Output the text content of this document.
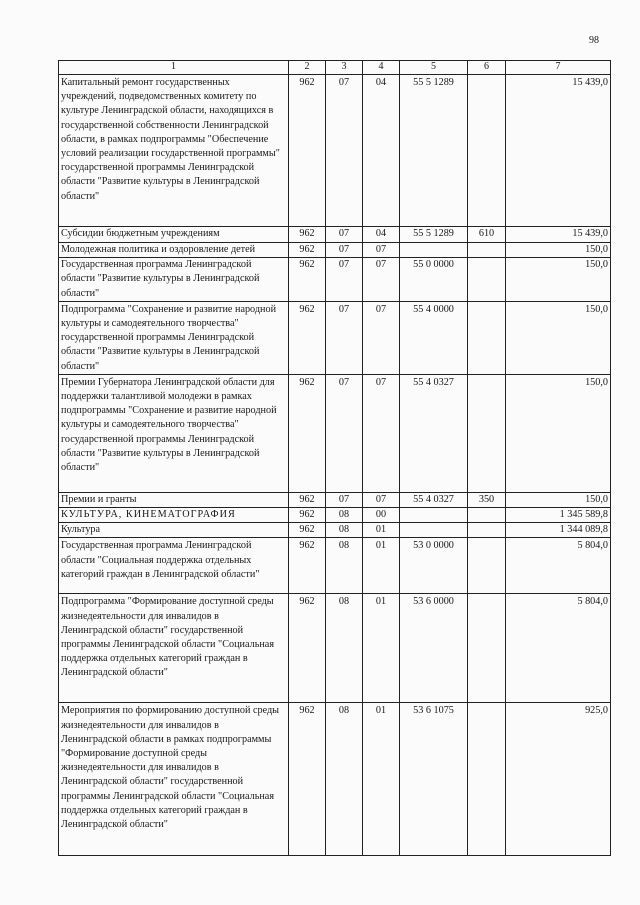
98
1	2	3	4	5	6	7
Капитальный ремонт государственных учреждений, подведомственных комитету по культуре Ленинградской области, находящихся в государственной собственности Ленинградской области, в рамках подпрограммы "Обеспечение условий реализации государственной программы" государственной программы Ленинградской области "Развитие культуры в Ленинградской области"	962	07	04	55 5 1289		15 439,0
Субсидии бюджетным учреждениям	962	07	04	55 5 1289	610	15 439,0
Молодежная политика и оздоровление детей	962	07	07			150,0
Государственная программа Ленинградской области "Развитие культуры в Ленинградской области"	962	07	07	55 0 0000		150,0
Подпрограмма "Сохранение и развитие народной культуры и самодеятельного творчества" государственной программы Ленинградской области "Развитие культуры в Ленинградской области"	962	07	07	55 4 0000		150,0
Премии Губернатора Ленинградской области для поддержки талантливой молодежи в рамках подпрограммы "Сохранение и развитие народной культуры и самодеятельного творчества" государственной программы Ленинградской области "Развитие культуры в Ленинградской области"	962	07	07	55 4 0327		150,0
Премии и гранты	962	07	07	55 4 0327	350	150,0
КУЛЬТУРА, КИНЕМАТОГРАФИЯ	962	08	00			1 345 589,8
Культура	962	08	01			1 344 089,8
Государственная программа Ленинградской области "Социальная поддержка отдельных категорий граждан в Ленинградской области"	962	08	01	53 0 0000		5 804,0
Подпрограмма "Формирование доступной среды жизнедеятельности для инвалидов в Ленинградской области" государственной программы Ленинградской области "Социальная поддержка отдельных категорий граждан в Ленинградской области"	962	08	01	53 6 0000		5 804,0
Мероприятия по формированию доступной среды жизнедеятельности для инвалидов в Ленинградской области в рамках подпрограммы "Формирование доступной среды жизнедеятельности для инвалидов в Ленинградской области" государственной программы Ленинградской области "Социальная поддержка отдельных категорий граждан в Ленинградской области"	962	08	01	53 6 1075		925,0
